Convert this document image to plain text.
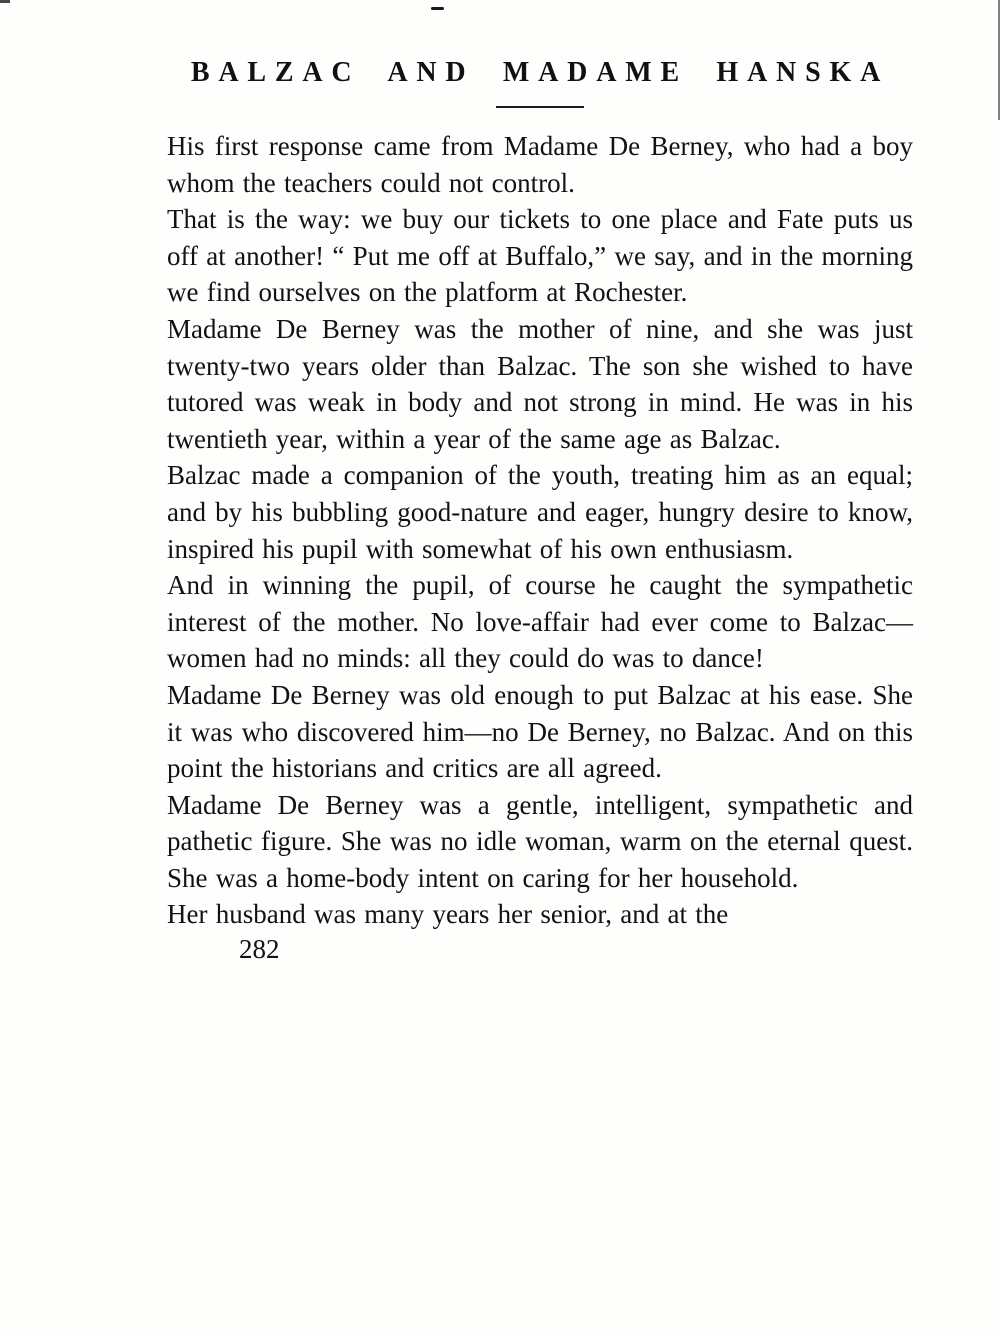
BALZAC AND MADAME HANSKA

His first response came from Madame De Berney, who had a boy whom the teachers could not control.

That is the way: we buy our tickets to one place and Fate puts us off at another! “ Put me off at Buffalo,” we say, and in the morning we find ourselves on the platform at Rochester.

Madame De Berney was the mother of nine, and she was just twenty-two years older than Balzac. The son she wished to have tutored was weak in body and not strong in mind. He was in his twentieth year, within a year of the same age as Balzac.

Balzac made a companion of the youth, treating him as an equal; and by his bubbling good-nature and eager, hungry desire to know, inspired his pupil with somewhat of his own enthusiasm.

And in winning the pupil, of course he caught the sympathetic interest of the mother. No love-affair had ever come to Balzac—women had no minds: all they could do was to dance!

Madame De Berney was old enough to put Balzac at his ease. She it was who discovered him—no De Berney, no Balzac. And on this point the historians and critics are all agreed.

Madame De Berney was a gentle, intelligent, sympathetic and pathetic figure. She was no idle woman, warm on the eternal quest. She was a home-body intent on caring for her household.

Her husband was many years her senior, and at the

282
